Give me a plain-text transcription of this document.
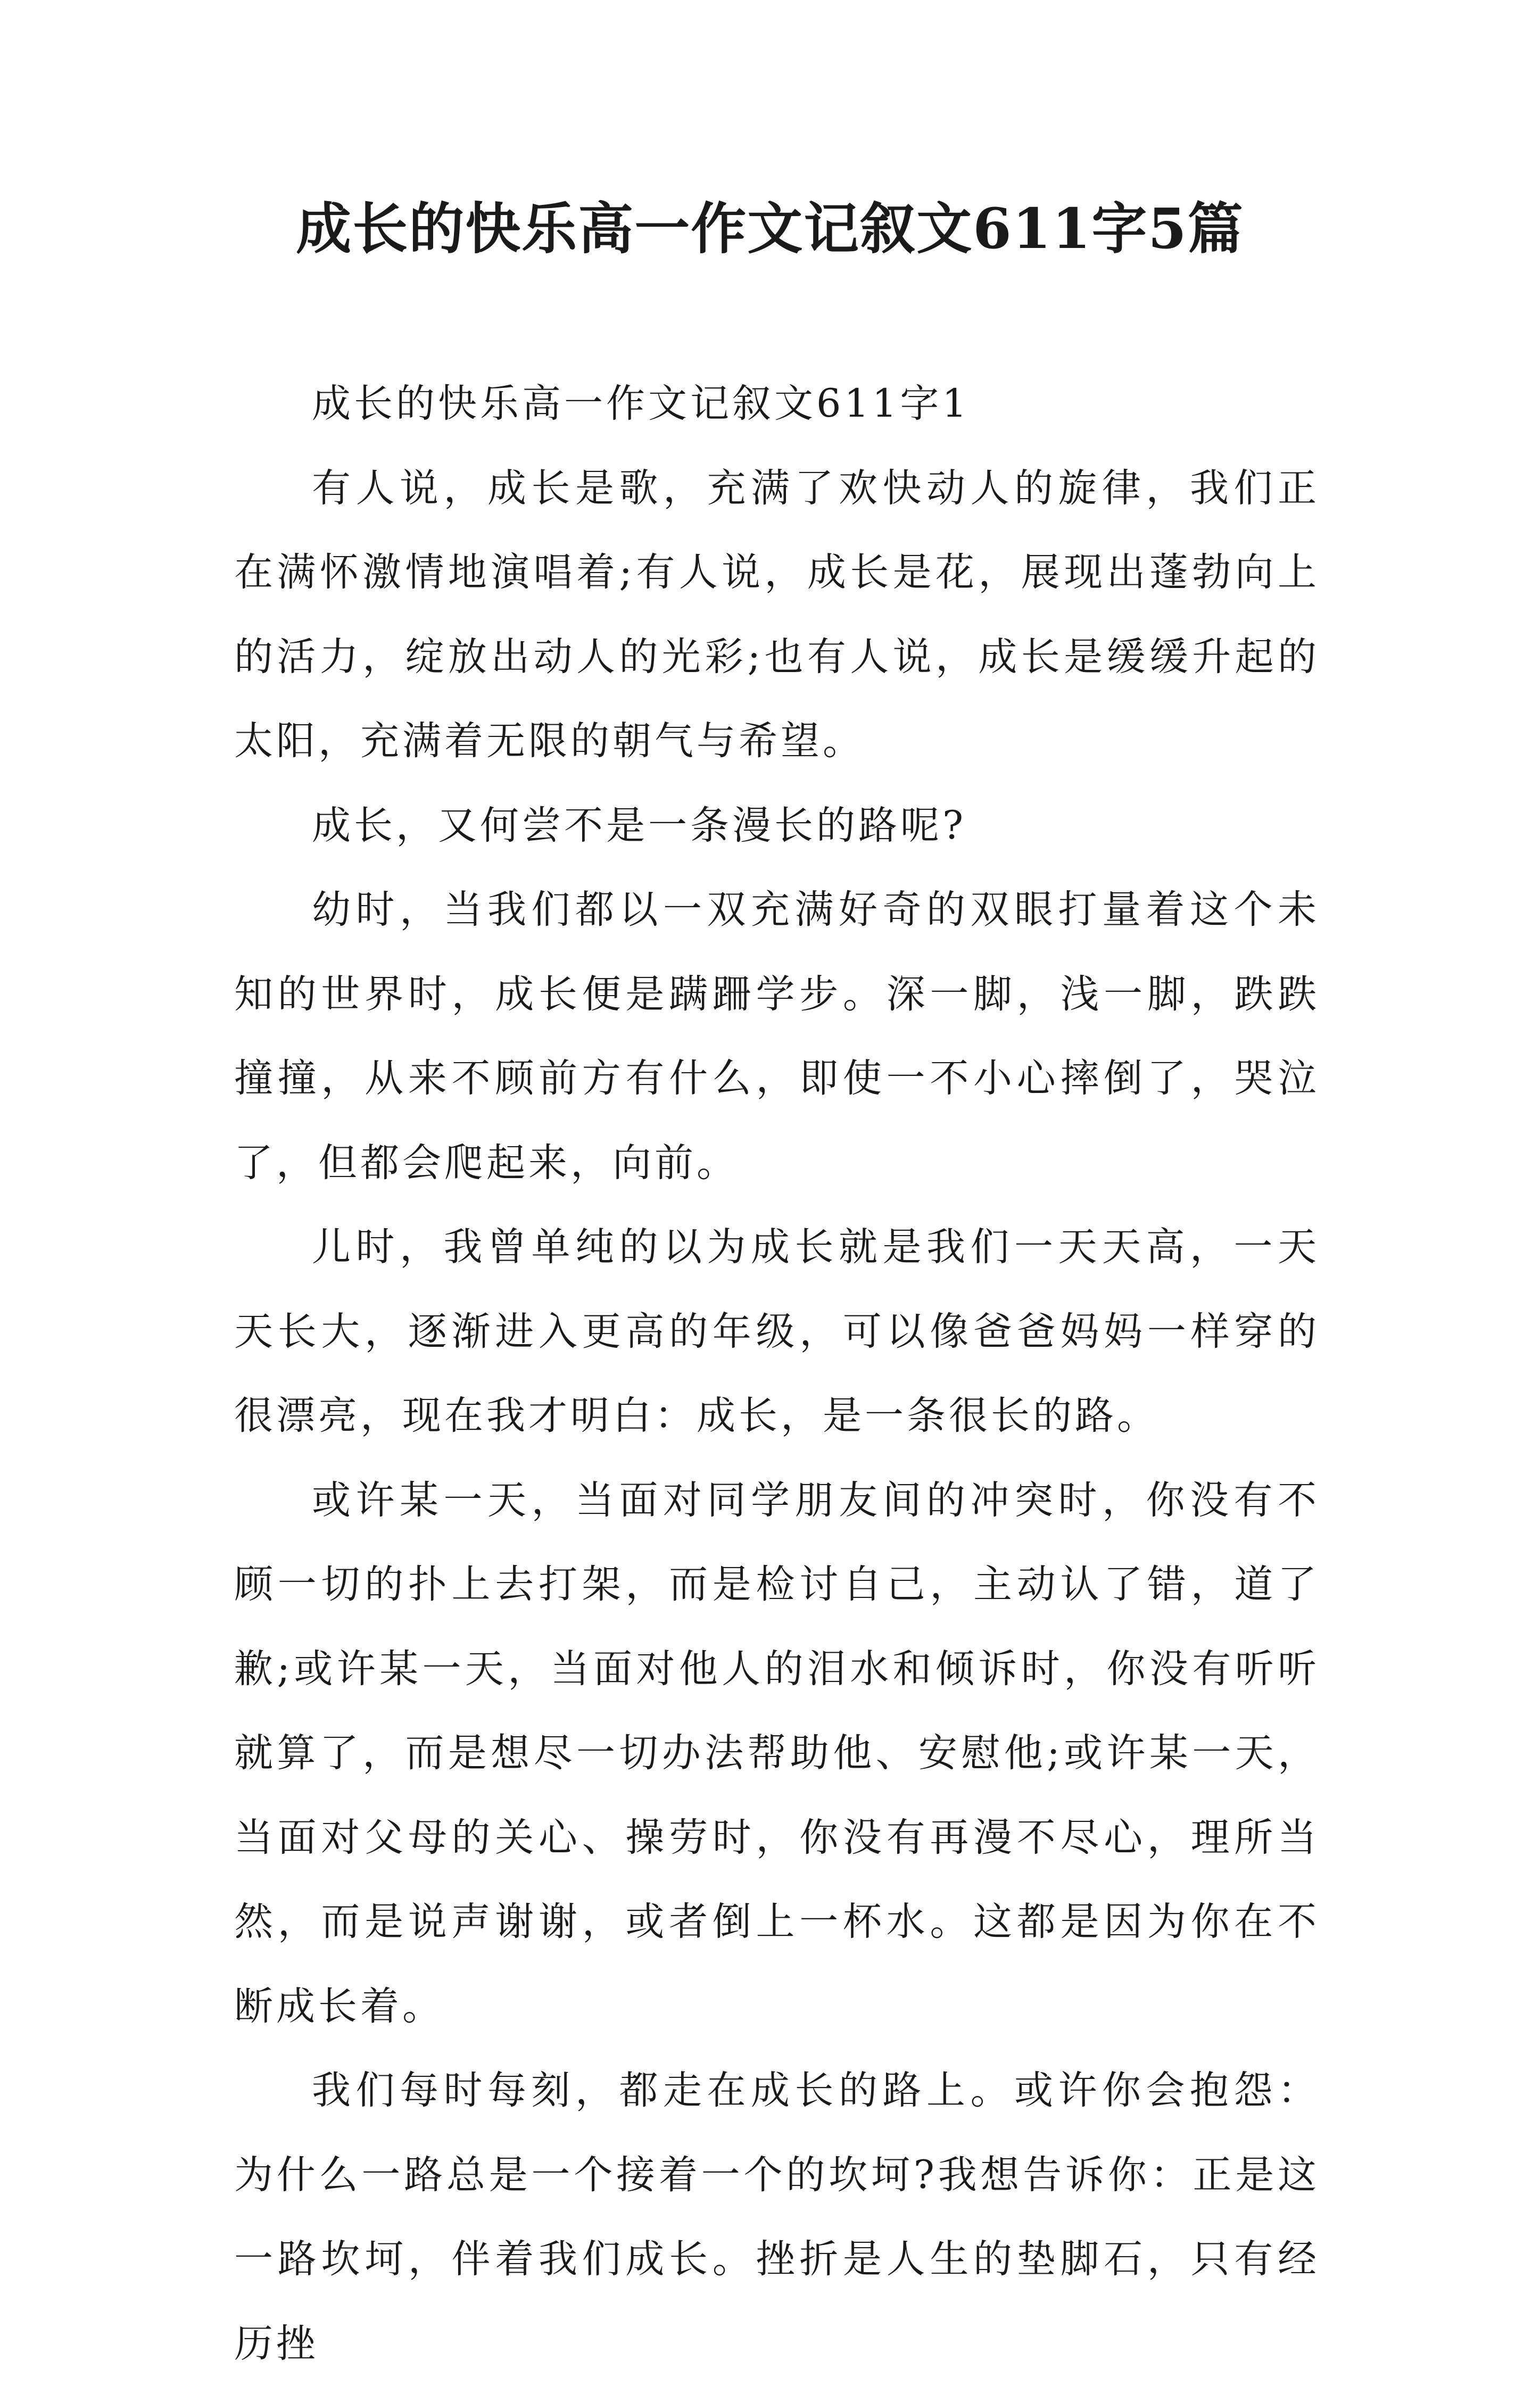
成长的快乐高一作文记叙文611字5篇

成长的快乐高一作文记叙文611字1

有人说，成长是歌，充满了欢快动人的旋律，我们正在满怀激情地演唱着;有人说，成长是花，展现出蓬勃向上的活力，绽放出动人的光彩;也有人说，成长是缓缓升起的太阳，充满着无限的朝气与希望。

成长，又何尝不是一条漫长的路呢?

幼时，当我们都以一双充满好奇的双眼打量着这个未知的世界时，成长便是蹒跚学步。深一脚，浅一脚，跌跌撞撞，从来不顾前方有什么，即使一不小心摔倒了，哭泣了，但都会爬起来，向前。

儿时，我曾单纯的以为成长就是我们一天天高，一天天长大，逐渐进入更高的年级，可以像爸爸妈妈一样穿的很漂亮，现在我才明白：成长，是一条很长的路。

或许某一天，当面对同学朋友间的冲突时，你没有不顾一切的扑上去打架，而是检讨自己，主动认了错，道了歉;或许某一天，当面对他人的泪水和倾诉时，你没有听听就算了，而是想尽一切办法帮助他、安慰他;或许某一天，当面对父母的关心、操劳时，你没有再漫不尽心，理所当然，而是说声谢谢，或者倒上一杯水。这都是因为你在不断成长着。

我们每时每刻，都走在成长的路上。或许你会抱怨：为什么一路总是一个接着一个的坎坷?我想告诉你：正是这一路坎坷，伴着我们成长。挫折是人生的垫脚石，只有经历挫
